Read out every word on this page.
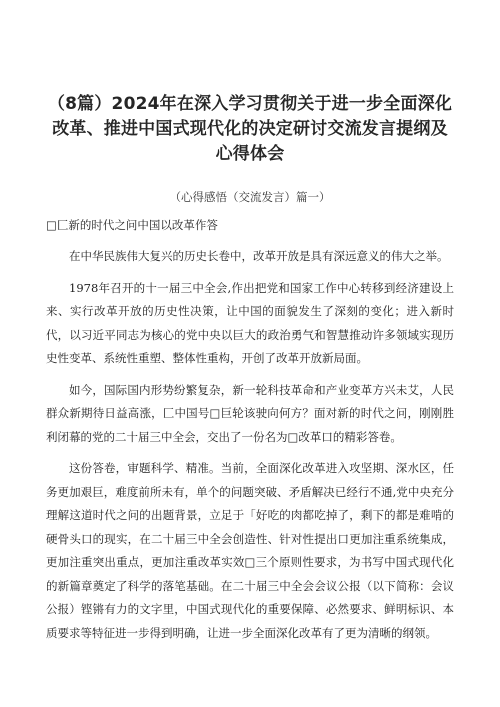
（8篇）2024年在深入学习贯彻关于进一步全面深化
改革、推进中国式现代化的决定研讨交流发言提纲及
心得体会
（心得感悟（交流发言）篇一）
□匚新的时代之问中国以改革作答

在中华民族伟大复兴的历史长卷中，改革开放是具有深远意义的伟大之举。

1978年召开的十一届三中全会,作出把党和国家工作中心转移到经济建设上来、实行改革开放的历史性决策，让中国的面貌发生了深刻的变化；进入新时代，以习近平同志为核心的党中央以巨大的政治勇气和智慧推动许多领域实现历史性变革、系统性重塑、整体性重构，开创了改革开放新局面。

如今，国际国内形势纷繁复杂，新一轮科技革命和产业变革方兴未艾，人民群众新期待日益高涨，匚中国号□巨轮该驶向何方？面对新的时代之问，刚刚胜利闭幕的党的二十届三中全会，交出了一份名为□改革口的精彩答卷。

这份答卷，审题科学、精准。当前，全面深化改革进入攻坚期、深水区，任务更加艰巨，难度前所未有，单个的问题突破、矛盾解决已经行不通,党中央充分理解这道时代之问的出题背景，立足于「好吃的肉都吃掉了，剩下的都是难啃的硬骨头口的现实，在二十届三中全会创造性、针对性提出口更加注重系统集成，更加注重突出重点，更加注重改革实效□三个原则性要求，为书写中国式现代化的新篇章奠定了科学的落笔基础。在二十届三中全会会议公报（以下简称：会议公报）铿锵有力的文字里，中国式现代化的重要保障、必然要求、鲜明标识、本质要求等特征进一步得到明确，让进一步全面深化改革有了更为清晰的纲领。
